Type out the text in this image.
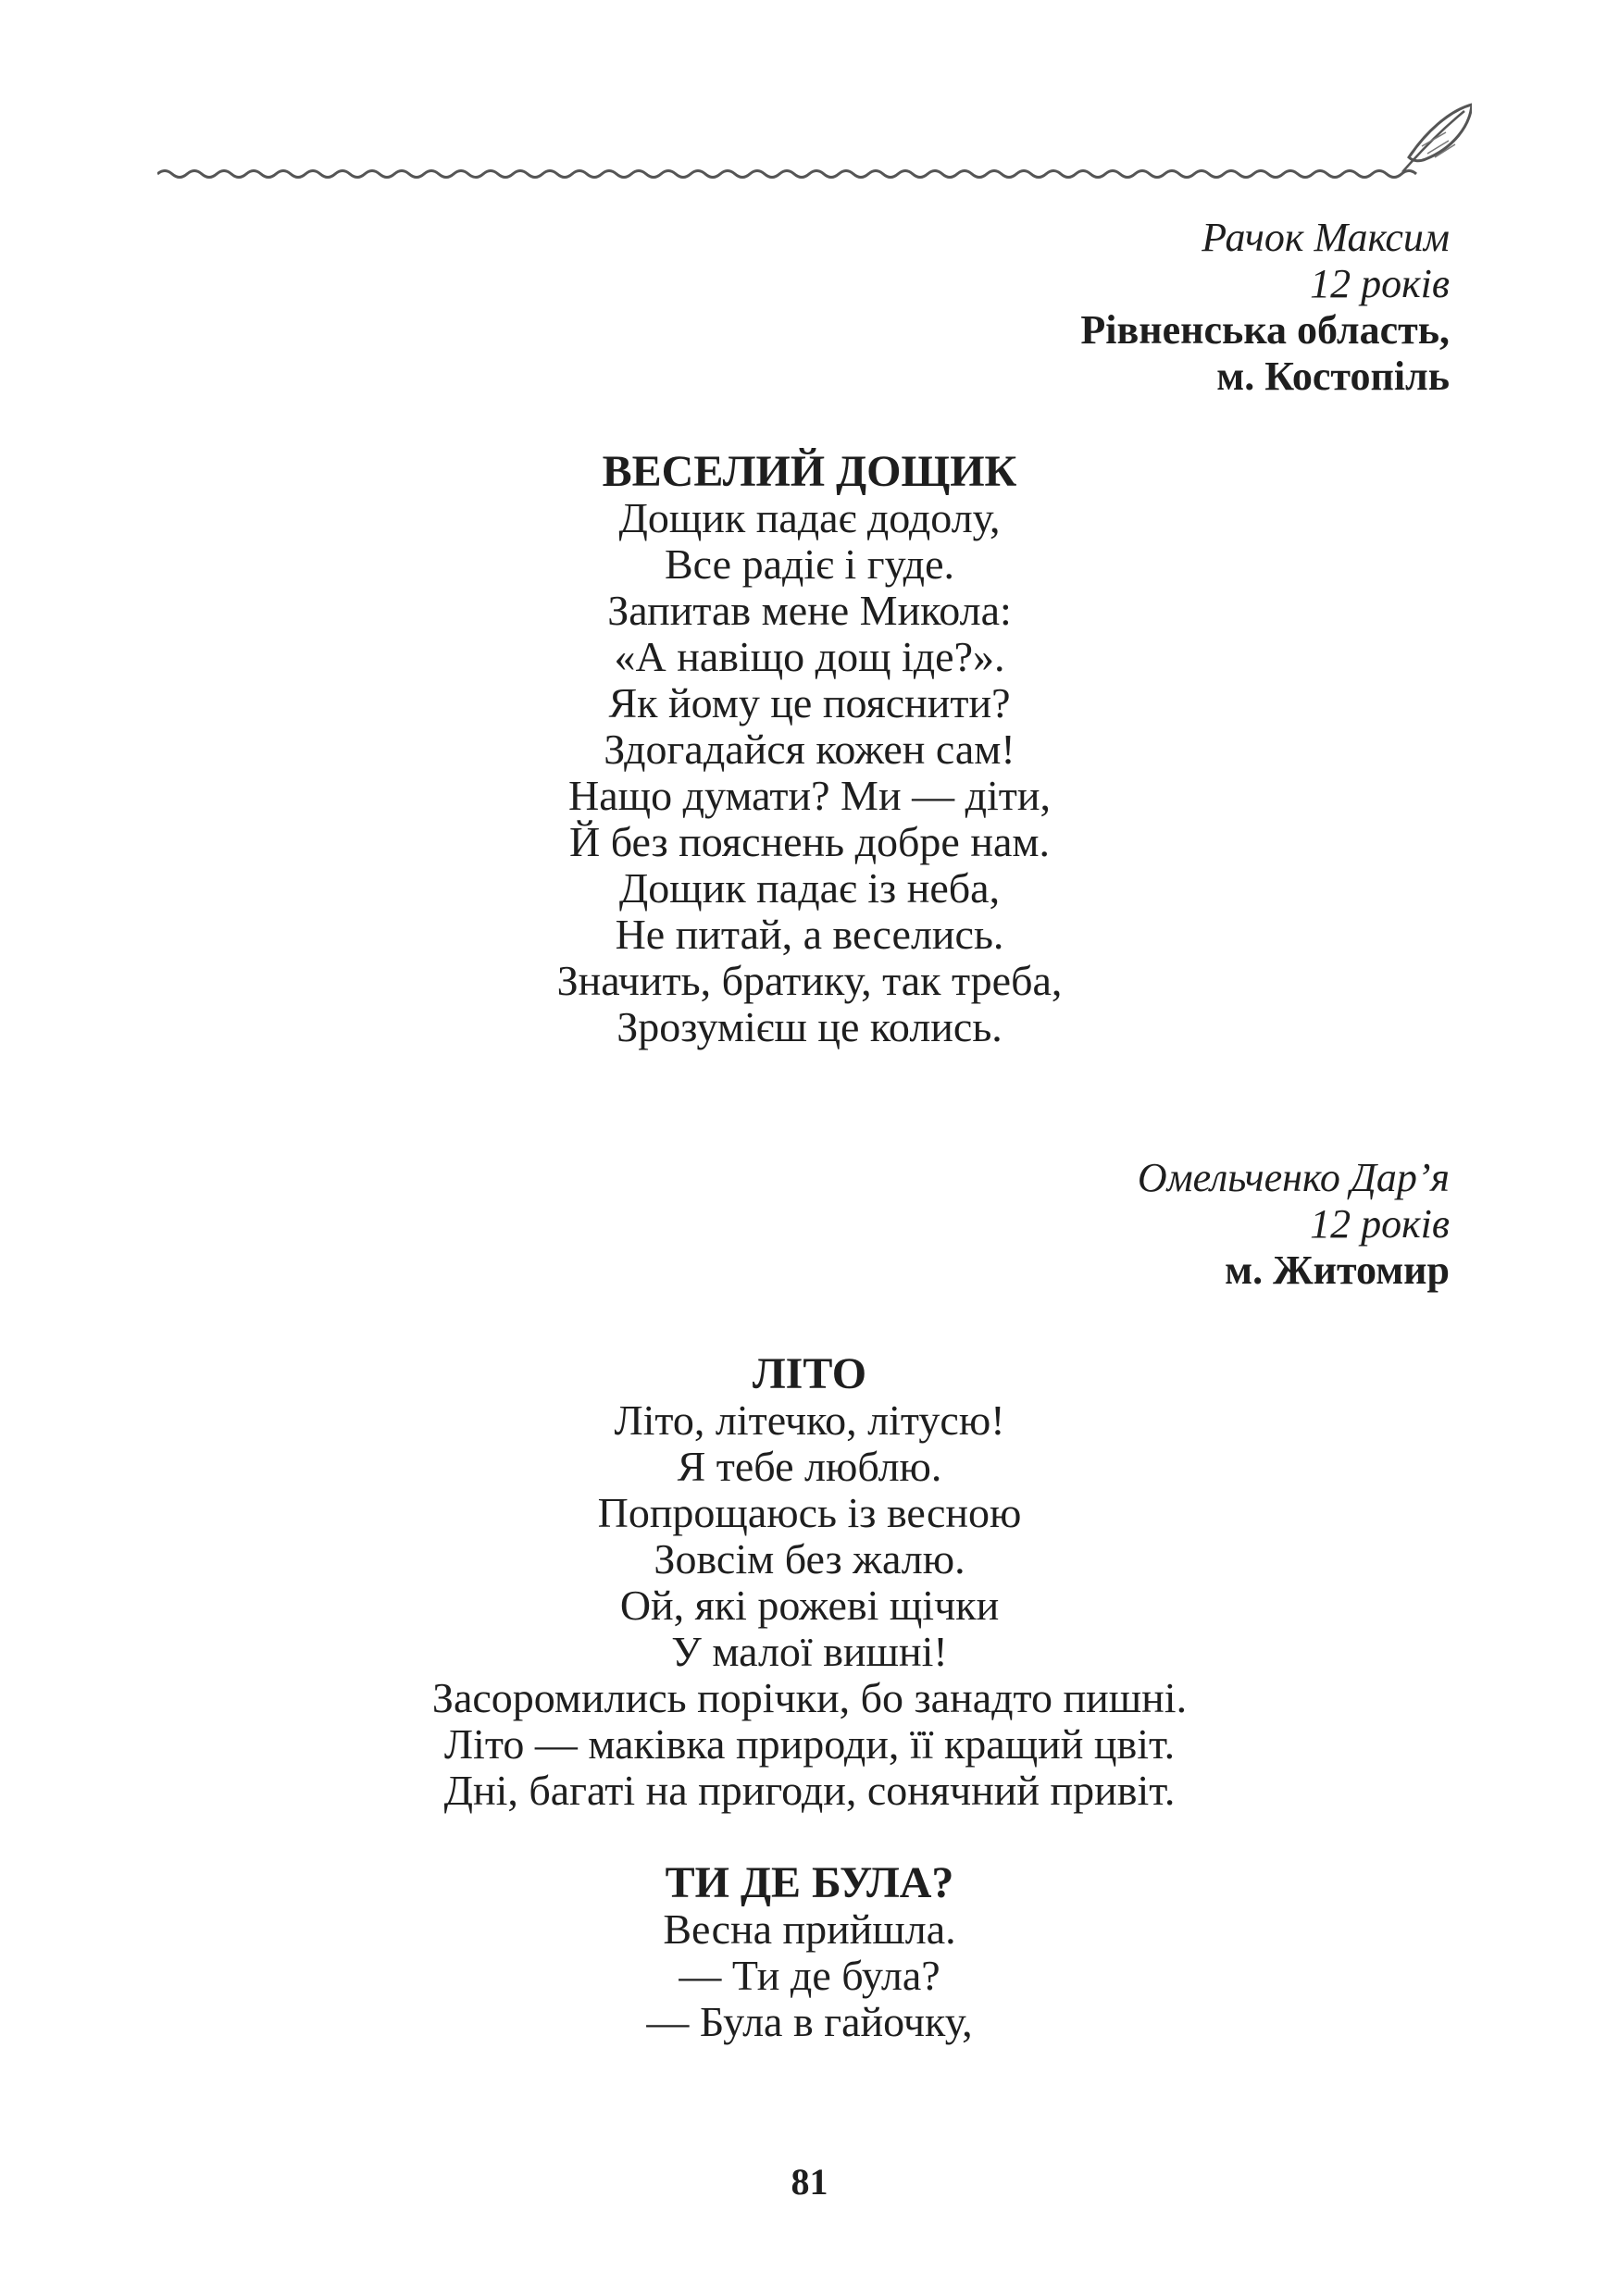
Рачок Максим
12 років
Рівненська область,
м. Костопіль
ВЕСЕЛИЙ ДОЩИК
Дощик падає додолу,
Все радіє і гуде.
Запитав мене Микола:
«А навіщо дощ іде?».
Як йому це пояснити?
Здогадайся кожен сам!
Нащо думати? Ми — діти,
Й без пояснень добре нам.
Дощик падає із неба,
Не питай, а веселись.
Значить, братику, так треба,
Зрозумієш це колись.
Омельченко Дар’я
12 років
м. Житомир
ЛІТО
Літо, літечко, літусю!
Я тебе люблю.
Попрощаюсь із весною
Зовсім без жалю.
Ой, які рожеві щічки
У малої вишні!
Засоромились порічки, бо занадто пишні.
Літо — маківка природи, її кращий цвіт.
Дні, багаті на пригоди, сонячний привіт.
ТИ ДЕ БУЛА?
Весна прийшла.
— Ти де була?
— Була в гайочку,
81
